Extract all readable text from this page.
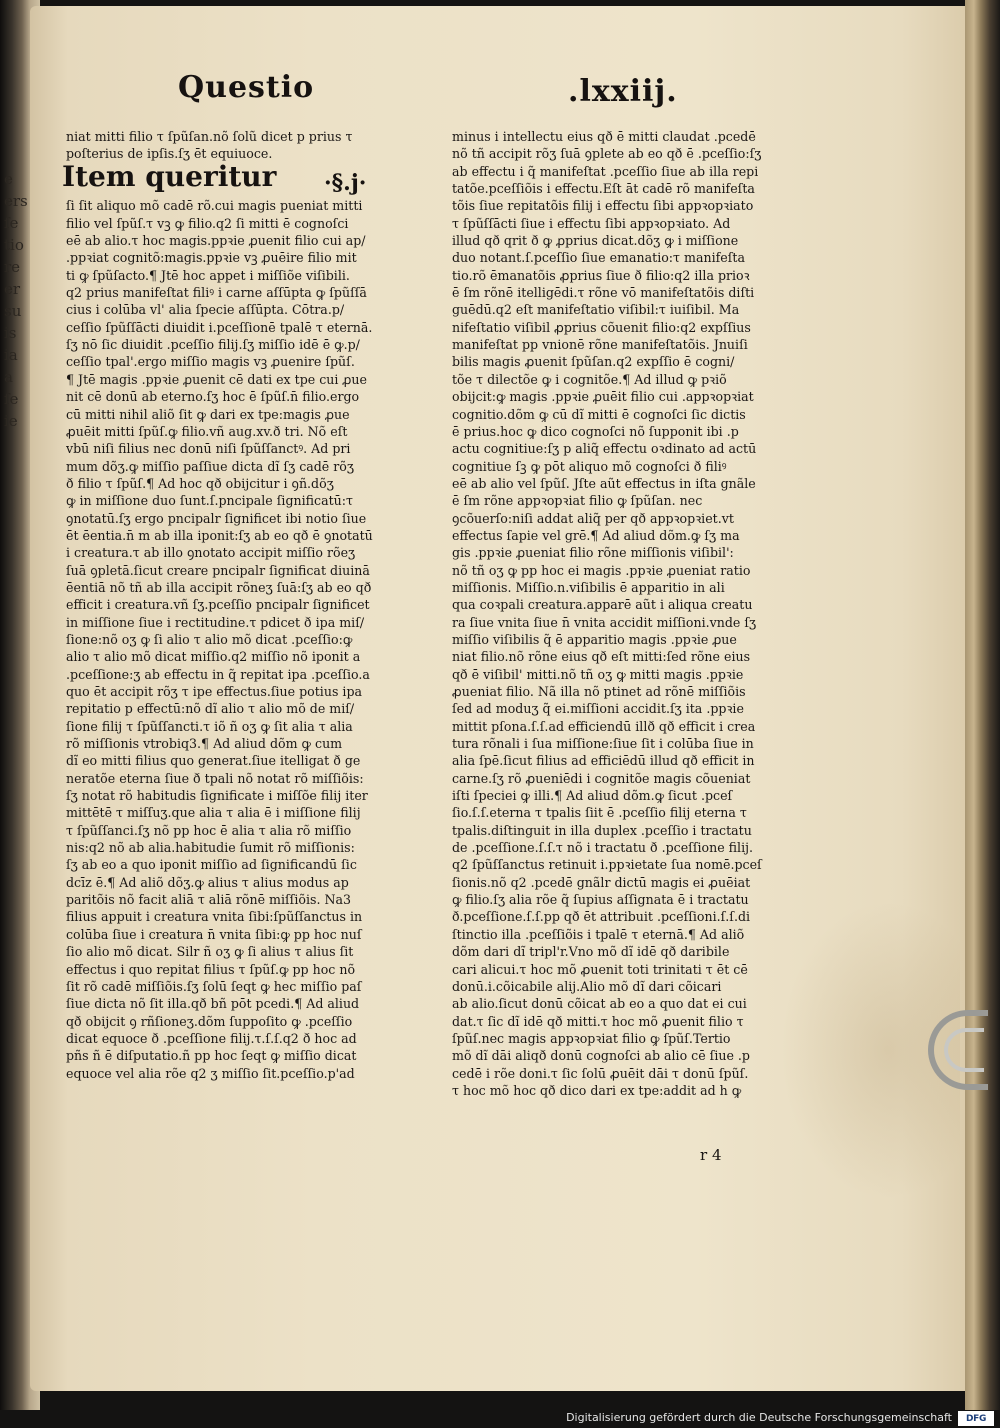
e
ers
ſe
tio
re
er
su
is
ia
a
ſe
ie
Questio	.lxxiij.
niat mitti filio τ ſpũſan.nõ ſolũ dicet p prius τ
poſterius de ipſis.ſʒ ēt equiuoce.
ſi ſit aliquo mõ cadē rõ.cui magis pueniat mitti
filio vel ſpũſ.τ vꝫ ꝙ filio.q2 ſi mitti ē cognoſci
eē ab alio.τ hoc magis.ppꝛie ꝓuenit filio cui ap/
.ppꝛiat cognitõ:magis.ppꝛie vꝫ ꝓuēire filio mit
ti ꝙ ſpũſacto.¶ Jtē hoc appet i miſſiõe viſibili.
q2 prius manifeſtat filiꝰ i carne aſſūpta ꝙ ſpũſſā
cius i colūba vl' alia ſpecie aſſūpta. Cōtra.p/
ceſſio ſpũſſācti diuidit i.pceſſionē tpalē τ eternā.
ſʒ nō ſic diuidit .pceſſio filij.ſʒ miſſio idē ē ꝙ.p/
ceſſio tpal'.ergo miſſio magis vꝫ ꝓuenire ſpũſ.
¶ Jtē magis .ppꝛie ꝓuenit cē dati ex tpe cui ꝓue
nit cē donū ab eterno.ſʒ hoc ē ſpũſ.n̄ filio.ergo
cū mitti nihil aliõ ſit ꝙ dari ex tpe:magis ꝓue
ꝓuēit mitti ſpũſ.ꝙ filio.vñ aug.xv.ð tri. Nõ eſt
vbū niſi filius nec donū niſi ſpũſſanctꝰ. Ad pri
mum dõʒ.ꝙ miſſio paſſiue dicta dĩ ſʒ cadē rõʒ
ð filio τ ſpũſ.¶ Ad hoc qð obijcitur i ꝯñ.dõʒ
ꝙ in miſſione duo ſunt.ſ.pncipale ſignificatū:τ
ꝯnotatū.ſʒ ergo pncipalr ſignificet ibi notio ſiue
ēt ēentia.n̄ m ab illa iponit:ſʒ ab eo qð ē ꝯnotatū
i creatura.τ ab illo ꝯnotato accipit miſſio rõeʒ
ſuā ꝯpletā.ſicut creare pncipalr ſignificat diuinā
ēentiā nõ tñ ab illa accipit rõneʒ ſuā:ſʒ ab eo qð
efficit i creatura.vñ ſʒ.pceſſio pncipalr ſignificet
in miſſione ſiue i rectitudine.τ pdicet ð ipa miſ/
ſione:nõ oʒ ꝙ ſi alio τ alio mõ dicat .pceſſio:ꝙ
alio τ alio mõ dicat miſſio.q2 miſſio nõ iponit a
.pceſſione:ʒ ab effectu in q̃ repitat ipa .pceſſio.a
quo ēt accipit rõʒ τ ipe effectus.ſiue potius ipa
repitatio p effectū:nõ dĩ alio τ alio mõ de miſ/
ſione filij τ ſpũſſancti.τ iõ ñ oʒ ꝙ ſit alia τ alia
rõ miſſionis vtrobiq3.¶ Ad aliud dõm ꝙ cum
dĩ eo mitti filius quo generat.ſiue itelligat ð ge
neratõe eterna ſiue ð tpali nõ notat rõ miſſiõis:
ſʒ notat rõ habitudis ſignificate i miſſõe filij iter
mittētē τ miſſuʒ.que alia τ alia ē i miſſione filij
τ ſpũſſanci.ſʒ nõ pp hoc ē alia τ alia rõ miſſio
nis:q2 nõ ab alia.habitudie ſumit rõ miſſionis:
ſʒ ab eo a quo iponit miſſio ad ſignificandū ſic
dcīz ē.¶ Ad aliõ dõʒ.ꝙ alius τ alius modus ap
paritõis nõ facit aliā τ aliā rõnē miſſiõis. Na3
filius appuit i creatura vnita ſibi:ſpũſſanctus in
colūba ſiue i creatura n̄ vnita ſibi:ꝙ pp hoc nuſ
ſio alio mõ dicat. Silr ñ oʒ ꝙ ſi alius τ alius ſit
effectus i quo repitat filius τ ſpũſ.ꝙ pp hoc nõ
ſit rõ cadē miſſiõis.ſʒ ſolū ſeqt ꝙ hec miſſio paſ
ſiue dicta nõ ſit illa.qð bñ pōt pcedi.¶ Ad aliud
qð obijcit ꝯ rñſioneʒ.dõm ſuppoſito ꝙ .pceſſio
dicat equoce ð .pceſſione filij.τ.ſ.ſ.q2 ð hoc ad
pñs ñ ē diſputatio.ñ pp hoc ſeqt ꝙ miſſio dicat
equoce vel alia rõe q2 ʒ miſſio ſit.pceſſio.p'ad
Item queritur ·§.j·
minus i intellectu eius qð ē mitti claudat .pcedē
nõ tñ accipit rõʒ ſuā ꝯplete ab eo qð ē .pceſſio:ſʒ
ab effectu i q̃ manifeſtat .pceſſio ſiue ab illa repi
tatõe.pceſſiõis i effectu.Eſt āt cadē rõ manifeſta
tõis ſiue repitatõis filij i effectu ſibi appꝛopꝛiato
τ ſpũſſācti ſiue i effectu ſibi appꝛopꝛiato. Ad
illud qð qrit ð ꝙ ꝓprius dicat.dõʒ ꝙ i miſſione
duo notant.ſ.pceſſio ſiue emanatio:τ manifeſta
tio.rõ ēmanatõis ꝓprius ſiue ð filio:q2 illa prioꝛ
ē ſm rõnē itelligēdi.τ rõne vō manifeſtatõis diſti
guēdū.q2 eſt manifeſtatio viſibil:τ iuiſibil. Ma
nifeſtatio viſibil ꝓprius cõuenit filio:q2 expſſius
manifeſtat pp vnionē rõne manifeſtatõis. Jnuiſi
bilis magis ꝓuenit ſpũſan.q2 expſſio ē cogni/
tõe τ dilectõe ꝙ i cognitõe.¶ Ad illud ꝙ pꝛiõ
obijcit:ꝙ magis .ppꝛie ꝓuēit filio cui .appꝛopꝛiat
cognitio.dõm ꝙ cū dĩ mitti ē cognoſci ſic dictis
ē prius.hoc ꝙ dico cognoſci nõ ſupponit ibi .p
actu cognitiue:ſʒ p aliq̃ effectu oꝛdinato ad actū
cognitiue ſꝫ ꝙ pōt aliquo mõ cognoſci ð filiꝰ
eē ab alio vel ſpũſ. Jſte aũt effectus in iſta gnãle
ē ſm rõne appꝛopꝛiat filio ꝙ ſpũſan. nec
ꝯcõuerſo:niſi addat aliq̃ per qð appꝛopꝛiet.vt
effectus ſapie vel grē.¶ Ad aliud dõm.ꝙ ſʒ ma
gis .ppꝛie ꝓueniat filio rõne miſſionis viſibil':
nõ tñ oʒ ꝙ pp hoc ei magis .ppꝛie ꝓueniat ratio
miſſionis. Miſſio.n.viſibilis ē apparitio in ali
qua coꝛpali creatura.apparē aũt i aliqua creatu
ra ſiue vnita ſiue n̄ vnita accidit miſſioni.vnde ſʒ
miſſio viſibilis q̃ ē apparitio magis .ppꝛie ꝓue
niat filio.nõ rõne eius qð eſt mitti:ſed rõne eius
qð ē viſibil' mitti.nõ tñ oʒ ꝙ mitti magis .ppꝛie
ꝓueniat filio. Nã illa nõ ptinet ad rõnē miſſiõis
ſed ad moduʒ q̃ ei.miſſioni accidit.ſʒ ita .ppꝛie
mittit pſona.ſ.ſ.ad efficiendū illð qð efficit i crea
tura rõnali i ſua miſſione:ſiue ſit i colūba ſiue in
alia ſpē.ſicut filius ad efficiēdū illud qð efficit in
carne.ſʒ rõ ꝓueniēdi i cognitõe magis cõueniat
iſti ſpeciei ꝙ illi.¶ Ad aliud dõm.ꝙ ſicut .pceſ
ſio.ſ.ſ.eterna τ tpalis ſiit ē .pceſſio filij eterna τ
tpalis.diſtinguit in illa duplex .pceſſio i tractatu
de .pceſſione.ſ.ſ.τ nõ i tractatu ð .pceſſione filij.
q2 ſpũſſanctus retinuit i.ppꝛietate ſua nomē.pceſ
ſionis.nõ q2 .pcedē gnãlr dictū magis ei ꝓuēiat
ꝙ filio.ſʒ alia rõe q̃ ſupius aſſignata ē i tractatu
ð.pceſſione.ſ.ſ.pp qð ēt attribuit .pceſſioni.ſ.ſ.di
ſtinctio illa .pceſſiõis i tpalē τ eternā.¶ Ad aliõ
dõm dari dĩ tripl'r.Vno mõ dĩ idē qð daribile
cari alicui.τ hoc mõ ꝓuenit toti trinitati τ ēt cē
donū.i.cõicabile alij.Alio mõ dĩ dari cõicari
ab alio.ſicut donū cõicat ab eo a quo dat ei cui
dat.τ ſic dĩ idē qð mitti.τ hoc mõ ꝓuenit filio τ
ſpũſ.nec magis appꝛopꝛiat filio ꝙ ſpũſ.Tertio
mõ dĩ dāi aliqð donū cognoſci ab alio cē ſiue .p
cedē i rõe doni.τ ſic ſolū ꝓuēit dāi τ donū ſpũſ.
τ hoc mõ hoc qð dico dari ex tpe:addit ad h ꝙ
r 4
Digitalisierung gefördert durch die Deutsche Forschungsgemeinschaft	DFG
